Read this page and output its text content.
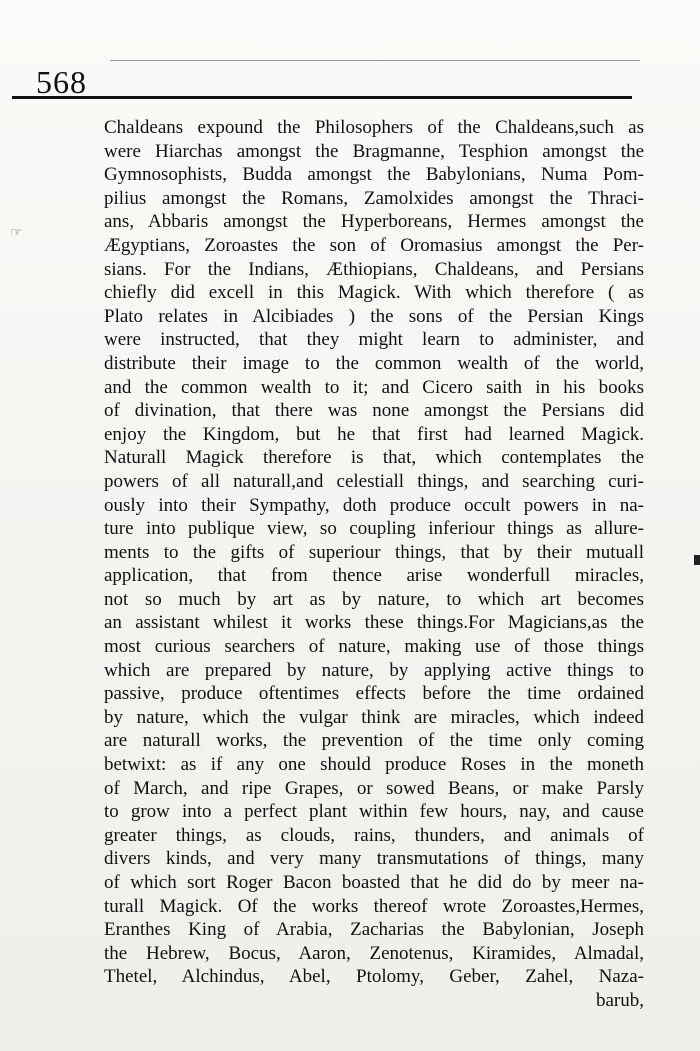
568
☞
Chaldeans expound the Philosophers of the Chaldeans,such as
were Hiarchas amongst the Bragmanne, Tesphion amongst the
Gymnosophists, Budda amongst the Babylonians, Numa Pom-
pilius amongst the Romans, Zamolxides amongst the Thraci-
ans, Abbaris amongst the Hyperboreans, Hermes amongst the
Ægyptians, Zoroastes the son of Oromasius amongst the Per-
sians. For the Indians, Æthiopians, Chaldeans, and Persians
chiefly did excell in this Magick. With which therefore ( as
Plato relates in Alcibiades ) the sons of the Persian Kings
were instructed, that they might learn to administer, and
distribute their image to the common wealth of the world,
and the common wealth to it; and Cicero saith in his books
of divination, that there was none amongst the Persians did
enjoy the Kingdom, but he that first had learned Magick.
Naturall Magick therefore is that, which contemplates the
powers of all naturall,and celestiall things, and searching curi-
ously into their Sympathy, doth produce occult powers in na-
ture into publique view, so coupling inferiour things as allure-
ments to the gifts of superiour things, that by their mutuall
application, that from thence arise wonderfull miracles,
not so much by art as by nature, to which art becomes
an assistant whilest it works these things.For Magicians,as the
most curious searchers of nature, making use of those things
which are prepared by nature, by applying active things to
passive, produce oftentimes effects before the time ordained
by nature, which the vulgar think are miracles, which indeed
are naturall works, the prevention of the time only coming
betwixt: as if any one should produce Roses in the moneth
of March, and ripe Grapes, or sowed Beans, or make Parsly
to grow into a perfect plant within few hours, nay, and cause
greater things, as clouds, rains, thunders, and animals of
divers kinds, and very many transmutations of things, many
of which sort Roger Bacon boasted that he did do by meer na-
turall Magick. Of the works thereof wrote Zoroastes,Hermes,
Eranthes King of Arabia, Zacharias the Babylonian, Joseph
the Hebrew, Bocus, Aaron, Zenotenus, Kiramides, Almadal,
Thetel, Alchindus, Abel, Ptolomy, Geber, Zahel, Naza-
barub,
